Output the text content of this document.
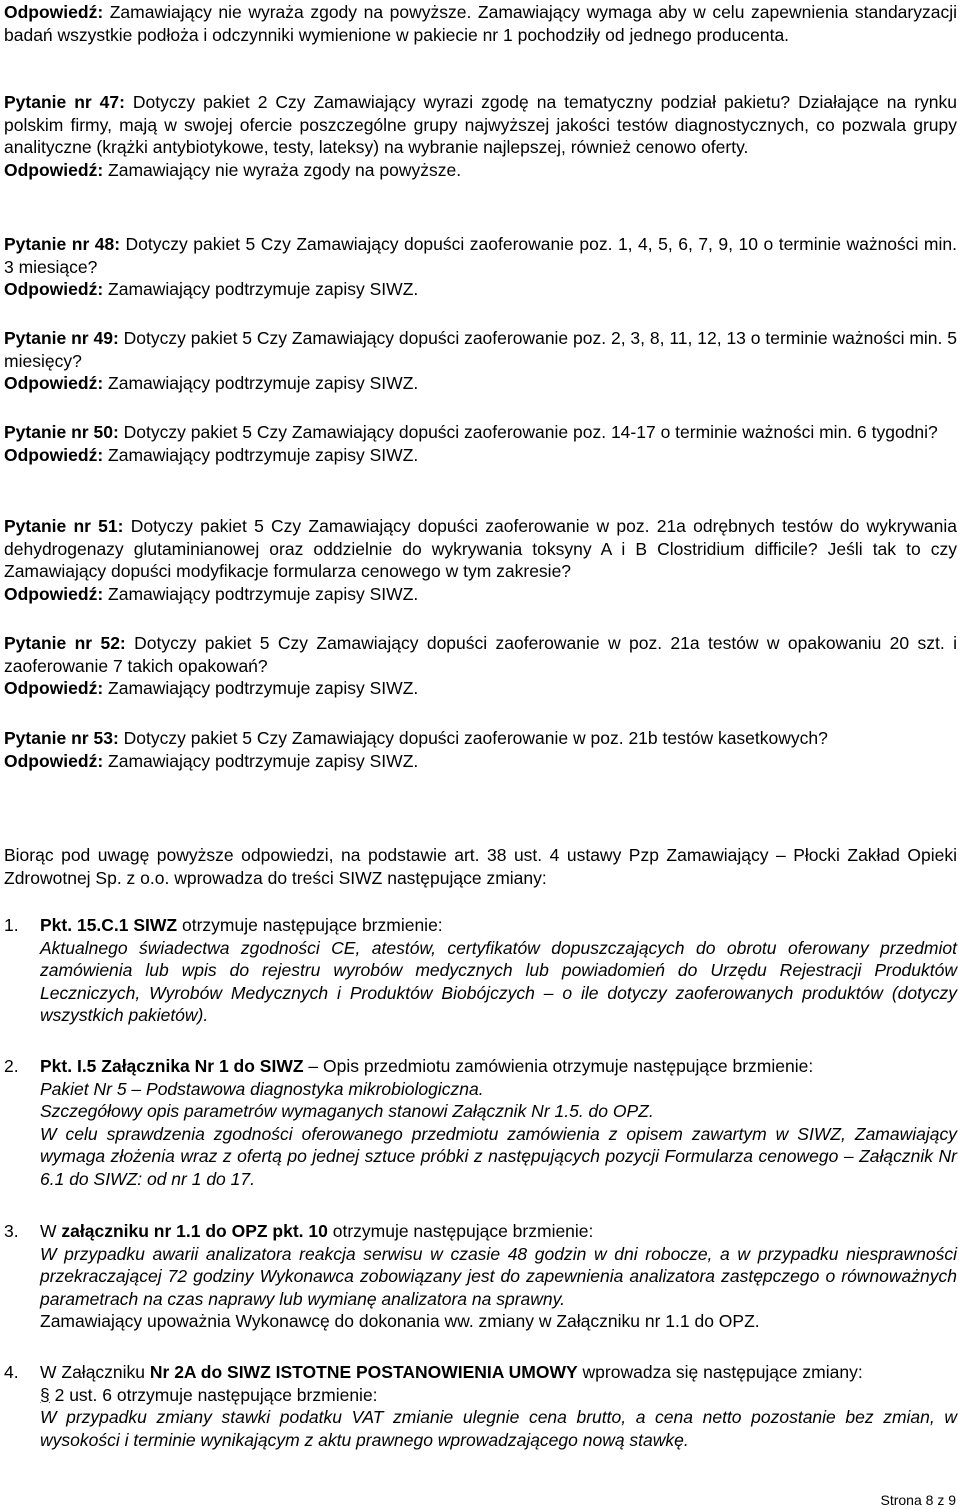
Odpowiedź: Zamawiający nie wyraża zgody na powyższe. Zamawiający wymaga aby w celu zapewnienia standaryzacji badań wszystkie podłoża i odczynniki wymienione w pakiecie nr 1 pochodziły od jednego producenta.

Pytanie nr 47: Dotyczy pakiet 2 Czy Zamawiający wyrazi zgodę na tematyczny podział pakietu? Działające na rynku polskim firmy, mają w swojej ofercie poszczególne grupy najwyższej jakości testów diagnostycznych, co pozwala grupy analityczne (krążki antybiotykowe, testy, lateksy) na wybranie najlepszej, również cenowo oferty.
Odpowiedź: Zamawiający nie wyraża zgody na powyższe.

Pytanie nr 48: Dotyczy pakiet 5 Czy Zamawiający dopuści zaoferowanie poz. 1, 4, 5, 6, 7, 9, 10 o terminie ważności min. 3 miesiące?
Odpowiedź: Zamawiający podtrzymuje zapisy SIWZ.

Pytanie nr 49: Dotyczy pakiet 5 Czy Zamawiający dopuści zaoferowanie poz. 2, 3, 8, 11, 12, 13 o terminie ważności min. 5 miesięcy?
Odpowiedź: Zamawiający podtrzymuje zapisy SIWZ.

Pytanie nr 50: Dotyczy pakiet 5 Czy Zamawiający dopuści zaoferowanie poz. 14-17 o terminie ważności min. 6 tygodni?
Odpowiedź: Zamawiający podtrzymuje zapisy SIWZ.

Pytanie nr 51: Dotyczy pakiet 5 Czy Zamawiający dopuści zaoferowanie w poz. 21a odrębnych testów do wykrywania dehydrogenazy glutaminianowej oraz oddzielnie do wykrywania toksyny A i B Clostridium difficile? Jeśli tak to czy Zamawiający dopuści modyfikacje formularza cenowego w tym zakresie?
Odpowiedź: Zamawiający podtrzymuje zapisy SIWZ.

Pytanie nr 52: Dotyczy pakiet 5 Czy Zamawiający dopuści zaoferowanie w poz. 21a testów w opakowaniu 20 szt. i zaoferowanie 7 takich opakowań?
Odpowiedź: Zamawiający podtrzymuje zapisy SIWZ.

Pytanie nr 53: Dotyczy pakiet 5 Czy Zamawiający dopuści zaoferowanie w poz. 21b testów kasetkowych?
Odpowiedź: Zamawiający podtrzymuje zapisy SIWZ.

Biorąc pod uwagę powyższe odpowiedzi, na podstawie art. 38 ust. 4 ustawy Pzp Zamawiający – Płocki Zakład Opieki Zdrowotnej Sp. z o.o. wprowadza do treści SIWZ następujące zmiany:

1.	Pkt. 15.C.1 SIWZ otrzymuje następujące brzmienie:
Aktualnego świadectwa zgodności CE, atestów, certyfikatów dopuszczających do obrotu oferowany przedmiot zamówienia lub wpis do rejestru wyrobów medycznych lub powiadomień do Urzędu Rejestracji Produktów Leczniczych, Wyrobów Medycznych i Produktów Biobójczych – o ile dotyczy zaoferowanych produktów (dotyczy wszystkich pakietów).
2.	Pkt. I.5 Załącznika Nr 1 do SIWZ – Opis przedmiotu zamówienia otrzymuje następujące brzmienie:
Pakiet Nr 5 – Podstawowa diagnostyka mikrobiologiczna.
Szczegółowy opis parametrów wymaganych stanowi Załącznik Nr 1.5. do OPZ.
W celu sprawdzenia zgodności oferowanego przedmiotu zamówienia z opisem zawartym w SIWZ, Zamawiający wymaga złożenia wraz z ofertą po jednej sztuce próbki z następujących pozycji Formularza cenowego – Załącznik Nr 6.1 do SIWZ: od nr 1 do 17.
3.	W załączniku nr 1.1 do OPZ pkt. 10 otrzymuje następujące brzmienie:
W przypadku awarii analizatora reakcja serwisu w czasie 48 godzin w dni robocze, a w przypadku niesprawności przekraczającej 72 godziny Wykonawca zobowiązany jest do zapewnienia analizatora zastępczego o równoważnych parametrach na czas naprawy lub wymianę analizatora na sprawny.
Zamawiający upoważnia Wykonawcę do dokonania ww. zmiany w Załączniku nr 1.1 do OPZ.
4.	W Załączniku Nr 2A do SIWZ ISTOTNE POSTANOWIENIA UMOWY wprowadza się następujące zmiany:
§ 2 ust. 6 otrzymuje następujące brzmienie:
W przypadku zmiany stawki podatku VAT zmianie ulegnie cena brutto, a cena netto pozostanie bez zmian, w wysokości i terminie wynikającym z aktu prawnego wprowadzającego nową stawkę.
Strona 8 z 9
